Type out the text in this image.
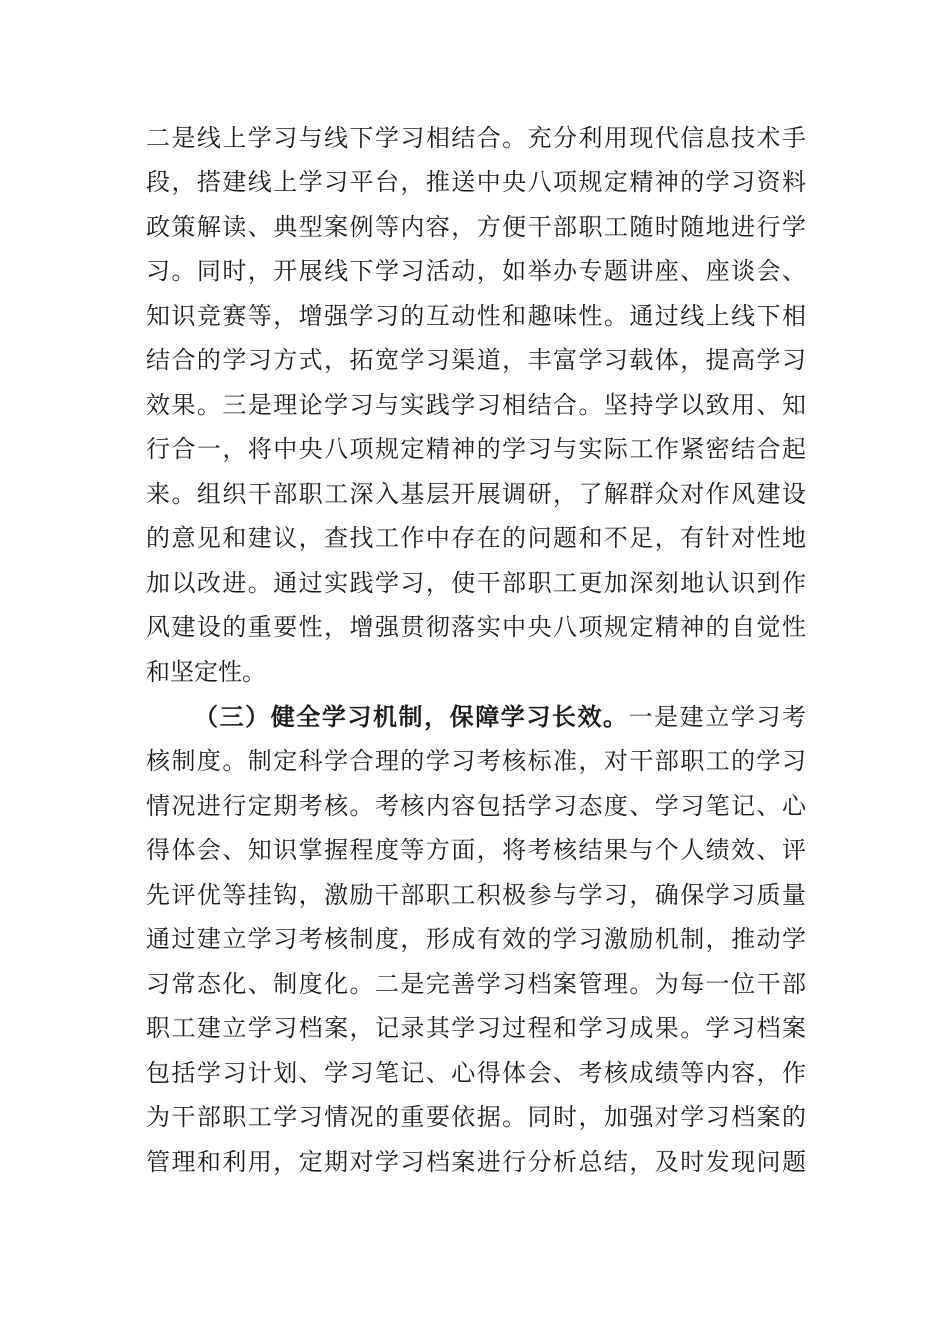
二是线上学习与线下学习相结合。充分利用现代信息技术手
段，搭建线上学习平台，推送中央八项规定精神的学习资料
政策解读、典型案例等内容，方便干部职工随时随地进行学
习。同时，开展线下学习活动，如举办专题讲座、座谈会、
知识竞赛等，增强学习的互动性和趣味性。通过线上线下相
结合的学习方式，拓宽学习渠道，丰富学习载体，提高学习
效果。三是理论学习与实践学习相结合。坚持学以致用、知
行合一，将中央八项规定精神的学习与实际工作紧密结合起
来。组织干部职工深入基层开展调研，了解群众对作风建设
的意见和建议，查找工作中存在的问题和不足，有针对性地
加以改进。通过实践学习，使干部职工更加深刻地认识到作
风建设的重要性，增强贯彻落实中央八项规定精神的自觉性
和坚定性。
（三）健全学习机制，保障学习长效。一是建立学习考
核制度。制定科学合理的学习考核标准，对干部职工的学习
情况进行定期考核。考核内容包括学习态度、学习笔记、心
得体会、知识掌握程度等方面，将考核结果与个人绩效、评
先评优等挂钩，激励干部职工积极参与学习，确保学习质量
通过建立学习考核制度，形成有效的学习激励机制，推动学
习常态化、制度化。二是完善学习档案管理。为每一位干部
职工建立学习档案，记录其学习过程和学习成果。学习档案
包括学习计划、学习笔记、心得体会、考核成绩等内容，作
为干部职工学习情况的重要依据。同时，加强对学习档案的
管理和利用，定期对学习档案进行分析总结，及时发现问题
